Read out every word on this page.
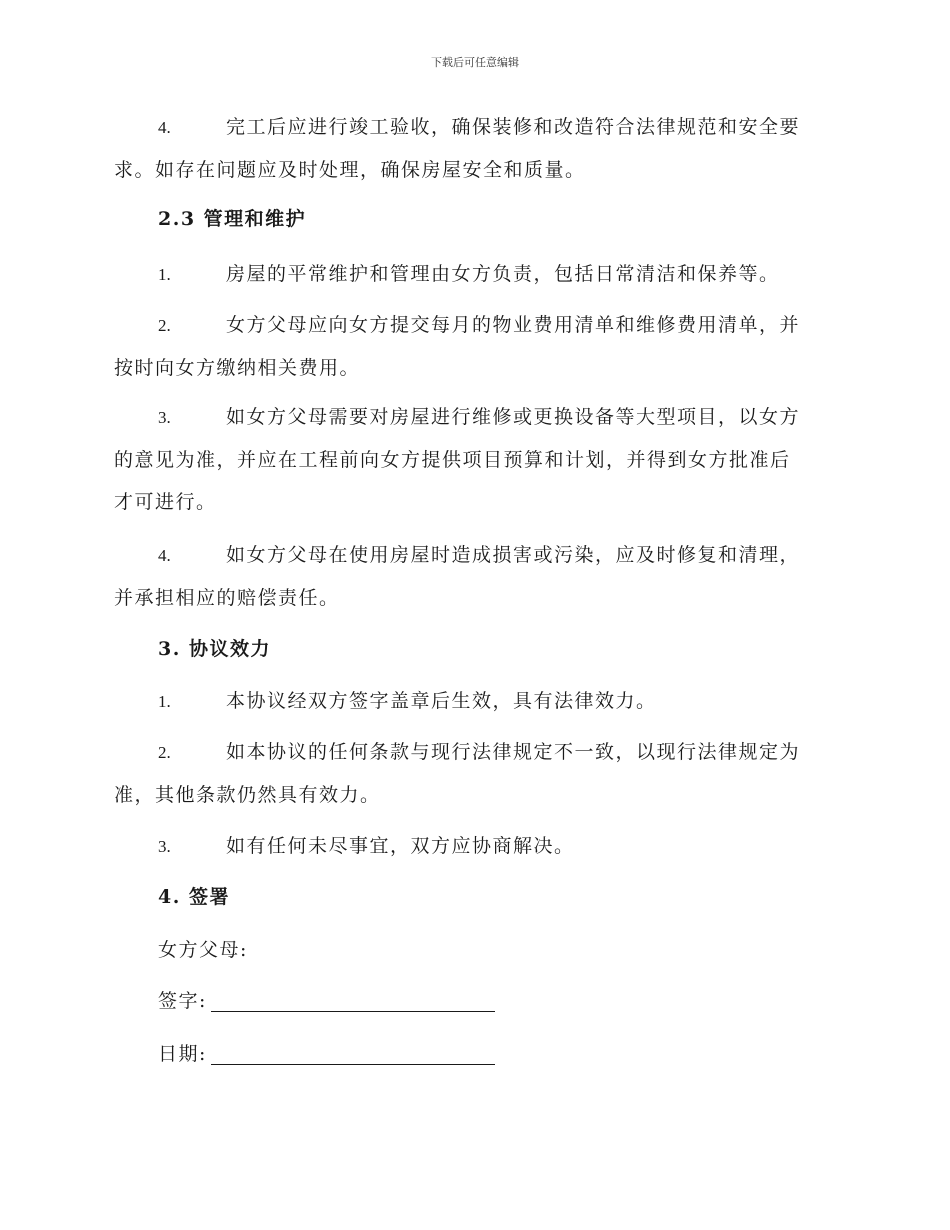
下载后可任意编辑
4.	完工后应进行竣工验收，确保装修和改造符合法律规范和安全要
求。如存在问题应及时处理，确保房屋安全和质量。
2.3 管理和维护
1.	房屋的平常维护和管理由女方负责，包括日常清洁和保养等。
2.	女方父母应向女方提交每月的物业费用清单和维修费用清单，并
按时向女方缴纳相关费用。
3.	如女方父母需要对房屋进行维修或更换设备等大型项目，以女方
的意见为准，并应在工程前向女方提供项目预算和计划，并得到女方批准后
才可进行。
4.	如女方父母在使用房屋时造成损害或污染，应及时修复和清理，
并承担相应的赔偿责任。
3. 协议效力
1.	本协议经双方签字盖章后生效，具有法律效力。
2.	如本协议的任何条款与现行法律规定不一致，以现行法律规定为
准，其他条款仍然具有效力。
3.	如有任何未尽事宜，双方应协商解决。
4. 签署
女方父母:
签字:
日期:
